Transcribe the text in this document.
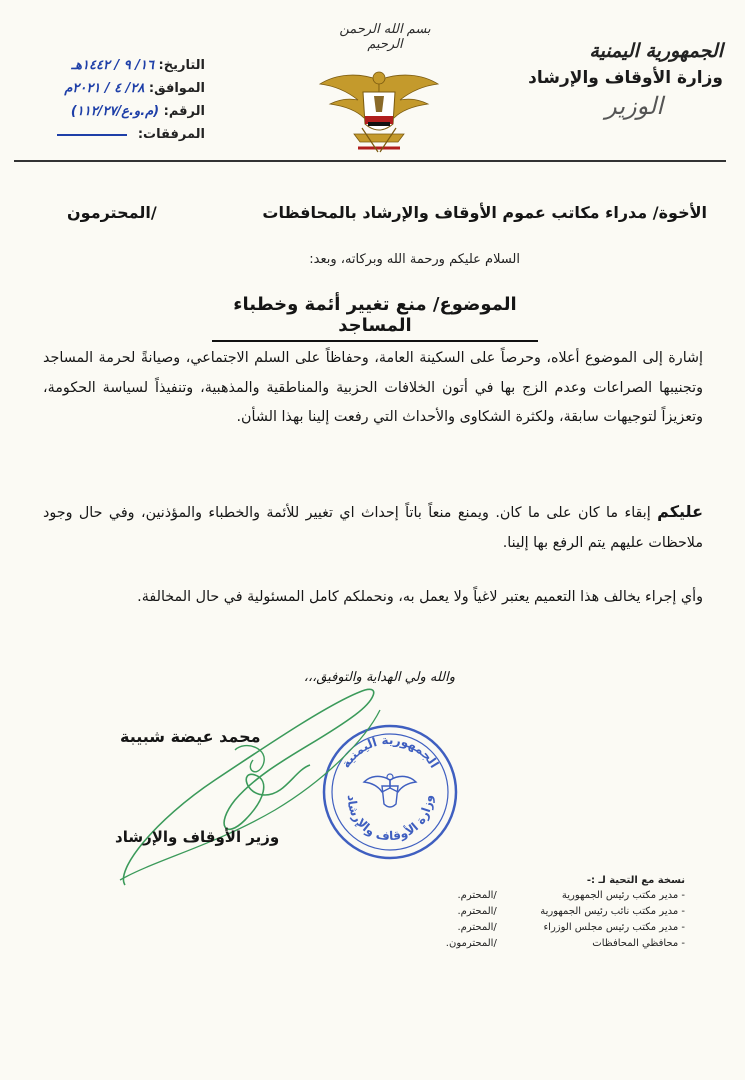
الجمهورية اليمنية
وزارة الأوقاف والإرشاد
الوزير
بسم الله الرحمن الرحيم
التاريخ: ١٦/ ٩ / ١٤٤٢هـ
الموافق: ٢٨/ ٤ / ٢٠٢١م
الرقم: (م.و.ع/١١٢/٢٧)
المرفقات:
الأخوة/ مدراء مكاتب عموم الأوقاف والإرشاد بالمحافظات
/المحترمون
السلام عليكم ورحمة الله وبركاته، وبعد:
الموضوع/ منع تغيير أئمة وخطباء المساجد
إشارة إلى الموضوع أعلاه، وحرصاً على السكينة العامة، وحفاظاً على السلم الاجتماعي، وصيانةً لحرمة المساجد وتجنيبها الصراعات وعدم الزج بها في أتون الخلافات الحزبية والمناطقية والمذهبية، وتنفيذاً لسياسة الحكومة، وتعزيزاً لتوجيهات سابقة، ولكثرة الشكاوى والأحداث التي رفعت إلينا بهذا الشأن.
عليكم إبقاء ما كان على ما كان. ويمنع منعاً باتاً إحداث اي تغيير للأئمة والخطباء والمؤذنين، وفي حال وجود ملاحظات عليهم يتم الرفع بها إلينا.
وأي إجراء يخالف هذا التعميم يعتبر لاغياً ولا يعمل به، ونحملكم كامل المسئولية في حال المخالفة.
والله ولي الهداية والتوفيق،،،
الجمهورية اليمنية
وزارة الأوقاف والإرشاد
محمد عيضة شبيبة
وزير الأوقاف والإرشاد
نسخة مع التحية لـ :-
- مدير مكتب رئيس الجمهورية /المحترم.
- مدير مكتب نائب رئيس الجمهورية /المحترم.
- مدير مكتب رئيس مجلس الوزراء /المحترم.
- محافظي المحافظات /المحترمون.
